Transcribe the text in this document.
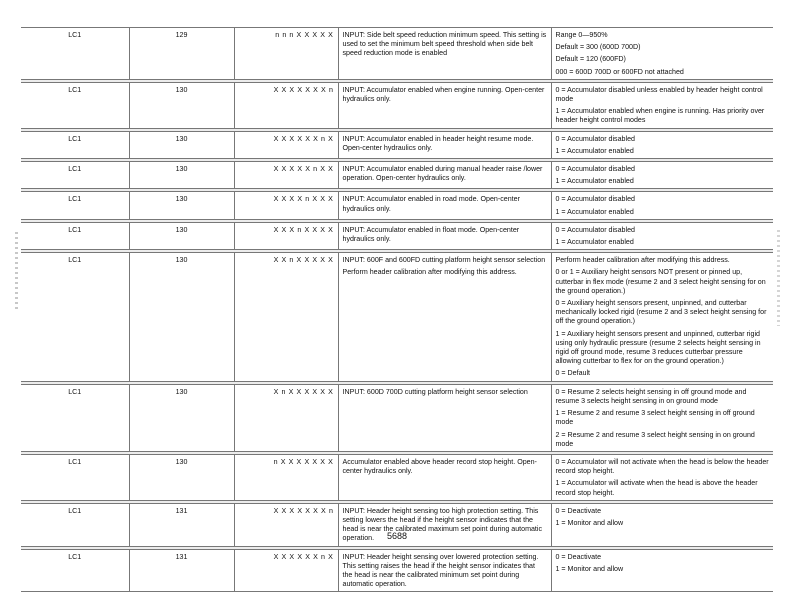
LC1	129	n n n X X X X X	INPUT: Side belt speed reduction minimum speed. This setting is used to set the minimum belt speed threshold when side belt speed reduction mode is enabled	Range 0—950%
Default = 300 (600D 700D)
Default = 120 (600FD)
000 = 600D 700D or 600FD not attached

LC1	130	X X X X X X X n	INPUT: Accumulator enabled when engine running. Open-center hydraulics only.	0 = Accumulator disabled unless enabled by header height control mode
1 = Accumulator enabled when engine is running. Has priority over header height control modes

LC1	130	X X X X X X n X	INPUT: Accumulator enabled in header height resume mode. Open-center hydraulics only.	0 = Accumulator disabled
1 = Accumulator enabled

LC1	130	X X X X X n X X	INPUT: Accumulator enabled during manual header raise /lower operation. Open-center hydraulics only.	0 = Accumulator disabled
1 = Accumulator enabled

LC1	130	X X X X n X X X	INPUT: Accumulator enabled in road mode. Open-center hydraulics only.	0 = Accumulator disabled
1 = Accumulator enabled

LC1	130	X X X n X X X X	INPUT: Accumulator enabled in float mode. Open-center hydraulics only.	0 = Accumulator disabled
1 = Accumulator enabled

LC1	130	X X n X X X X X	INPUT: 600F and 600FD cutting platform height sensor selection
Perform header calibration after modifying this address.	Perform header calibration after modifying this address.
0 or 1 = Auxiliary height sensors NOT present or pinned up, cutterbar in flex mode (resume 2 and 3 select height sensing for on the ground operation.)
0 = Auxiliary height sensors present, unpinned, and cutterbar mechanically locked rigid (resume 2 and 3 select height sensing for off the ground operation.)
1 = Auxiliary height sensors present and unpinned, cutterbar rigid using only hydraulic pressure (resume 2 selects height sensing in rigid off ground mode, resume 3 reduces cutterbar pressure allowing cutterbar to flex for on the ground operation.)
0 = Default

LC1	130	X n X X X X X X	INPUT: 600D 700D cutting platform height sensor selection	0 = Resume 2 selects height sensing in off ground mode and resume 3 selects height sensing in on ground mode
1 = Resume 2 and resume 3 select height sensing in off ground mode
2 = Resume 2 and resume 3 select height sensing in on ground mode

LC1	130	n X X X X X X X	Accumulator enabled above header record stop height. Open-center hydraulics only.	0 = Accumulator will not activate when the head is below the header record stop height.
1 = Accumulator will activate when the head is above the header record stop height.

LC1	131	X X X X X X X n	INPUT: Header height sensing too high protection setting. This setting lowers the head if the height sensor indicates that the head is near the calibrated maximum set point during automatic operation.	0 = Deactivate
1 = Monitor and allow

LC1	131	X X X X X X n X	INPUT: Header height sensing over lowered protection setting. This setting raises the head if the height sensor indicates that the head is near the calibrated minimum set point during automatic operation.	0 = Deactivate
1 = Monitor and allow
5688
